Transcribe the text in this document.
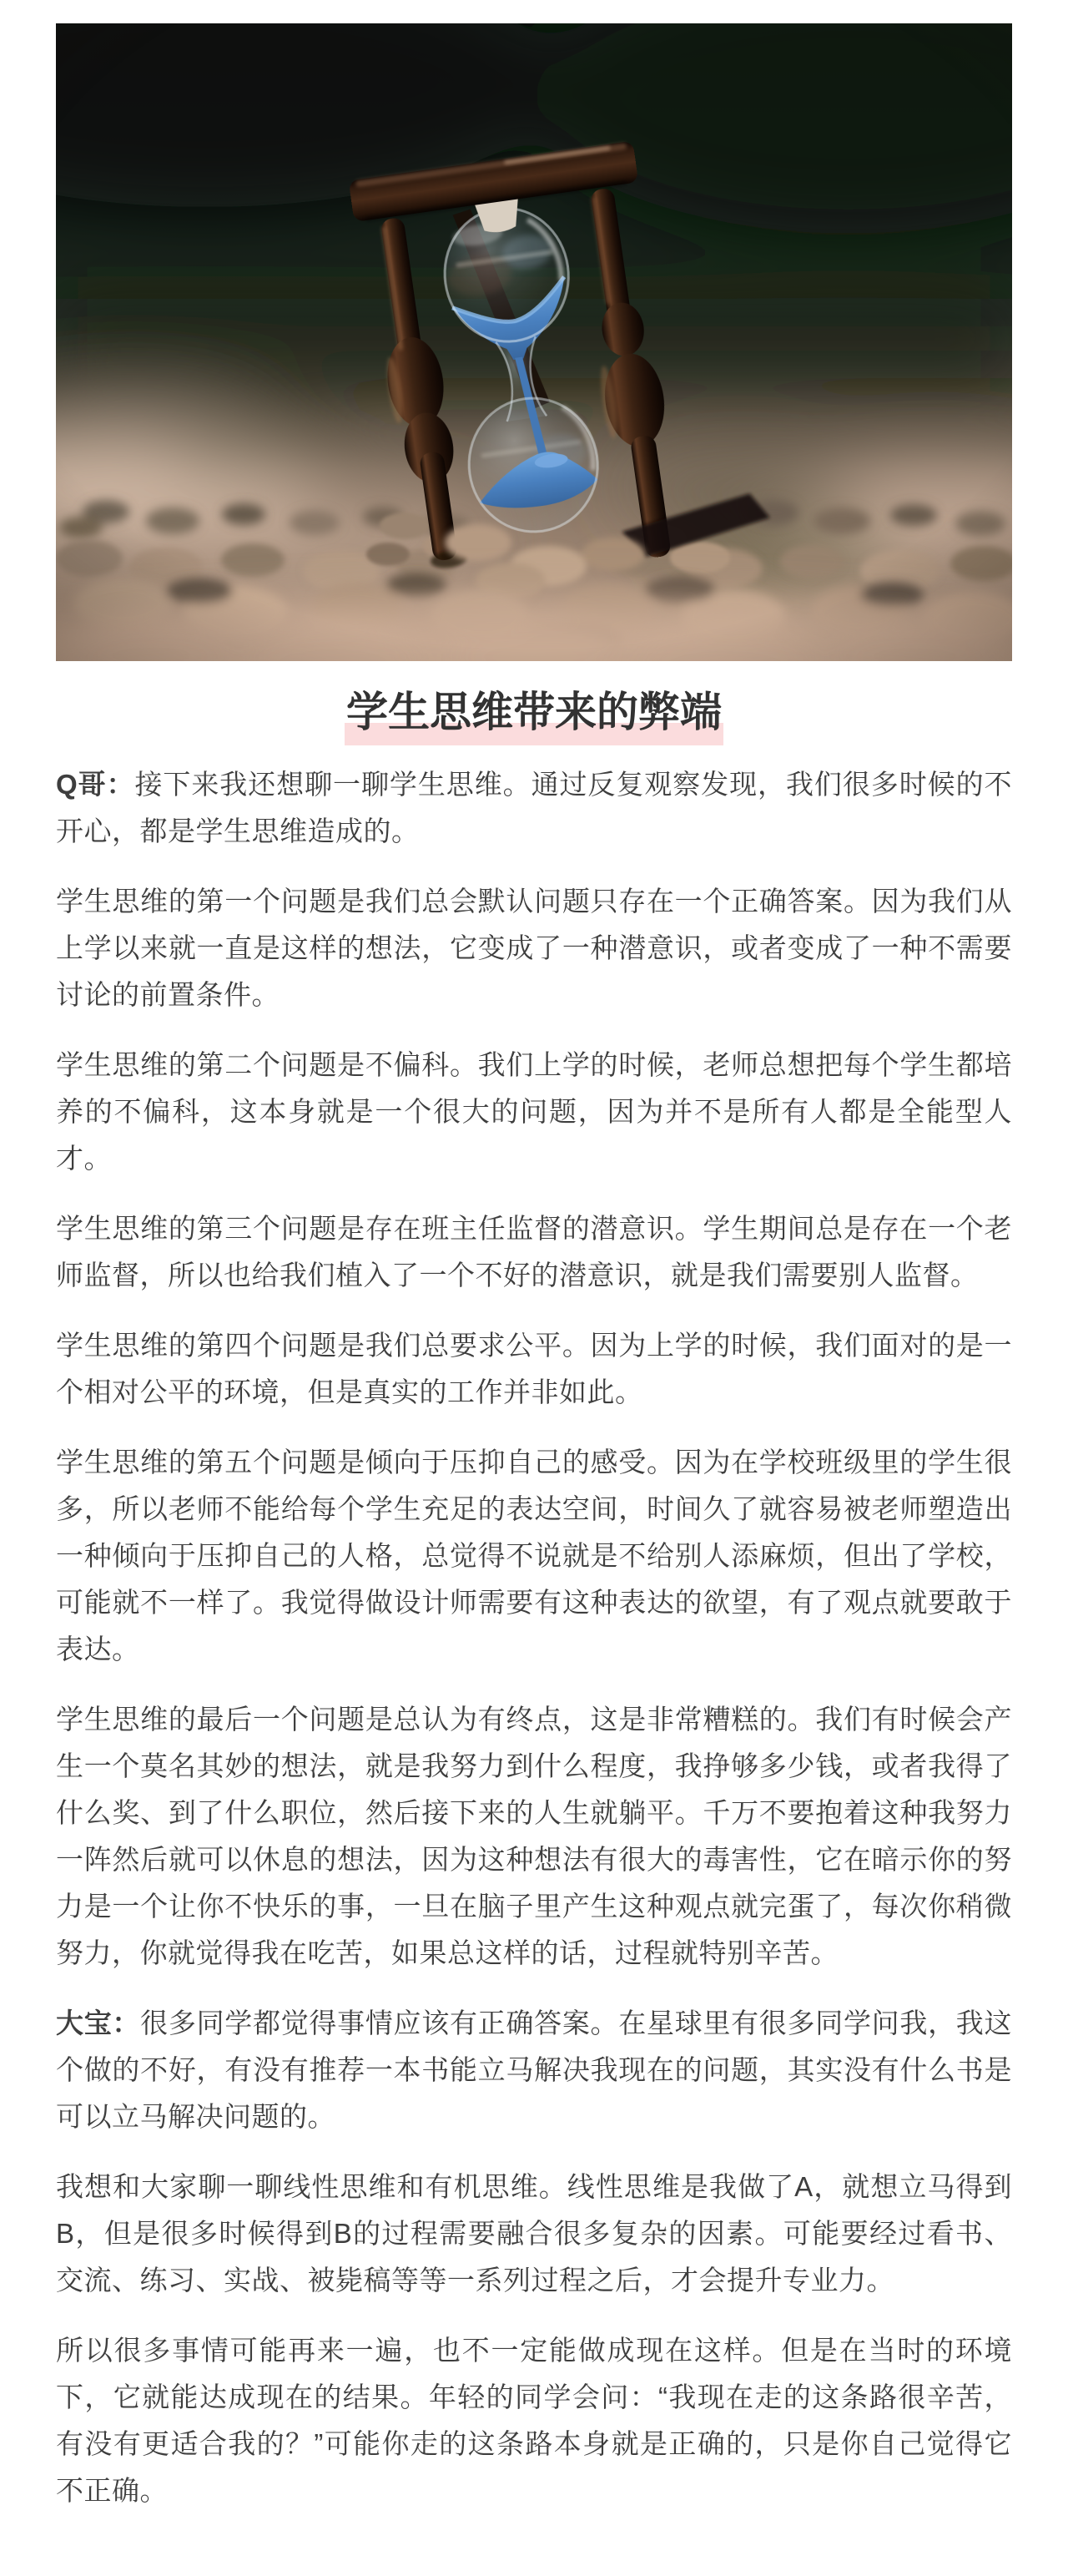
学生思维带来的弊端

Q哥：接下来我还想聊一聊学生思维。通过反复观察发现，我们很多时候的不开心，都是学生思维造成的。

学生思维的第一个问题是我们总会默认问题只存在一个正确答案。因为我们从上学以来就一直是这样的想法，它变成了一种潜意识，或者变成了一种不需要讨论的前置条件。

学生思维的第二个问题是不偏科。我们上学的时候，老师总想把每个学生都培养的不偏科，这本身就是一个很大的问题，因为并不是所有人都是全能型人才。

学生思维的第三个问题是存在班主任监督的潜意识。学生期间总是存在一个老师监督，所以也给我们植入了一个不好的潜意识，就是我们需要别人监督。

学生思维的第四个问题是我们总要求公平。因为上学的时候，我们面对的是一个相对公平的环境，但是真实的工作并非如此。

学生思维的第五个问题是倾向于压抑自己的感受。因为在学校班级里的学生很多，所以老师不能给每个学生充足的表达空间，时间久了就容易被老师塑造出一种倾向于压抑自己的人格，总觉得不说就是不给别人添麻烦，但出了学校，可能就不一样了。我觉得做设计师需要有这种表达的欲望，有了观点就要敢于表达。

学生思维的最后一个问题是总认为有终点，这是非常糟糕的。我们有时候会产生一个莫名其妙的想法，就是我努力到什么程度，我挣够多少钱，或者我得了什么奖、到了什么职位，然后接下来的人生就躺平。千万不要抱着这种我努力一阵然后就可以休息的想法，因为这种想法有很大的毒害性，它在暗示你的努力是一个让你不快乐的事，一旦在脑子里产生这种观点就完蛋了，每次你稍微努力，你就觉得我在吃苦，如果总这样的话，过程就特别辛苦。

大宝：很多同学都觉得事情应该有正确答案。在星球里有很多同学问我，我这个做的不好，有没有推荐一本书能立马解决我现在的问题，其实没有什么书是可以立马解决问题的。

我想和大家聊一聊线性思维和有机思维。线性思维是我做了A，就想立马得到B，但是很多时候得到B的过程需要融合很多复杂的因素。可能要经过看书、交流、练习、实战、被毙稿等等一系列过程之后，才会提升专业力。

所以很多事情可能再来一遍，也不一定能做成现在这样。但是在当时的环境下，它就能达成现在的结果。年轻的同学会问：“我现在走的这条路很辛苦，有没有更适合我的？”可能你走的这条路本身就是正确的，只是你自己觉得它不正确。
